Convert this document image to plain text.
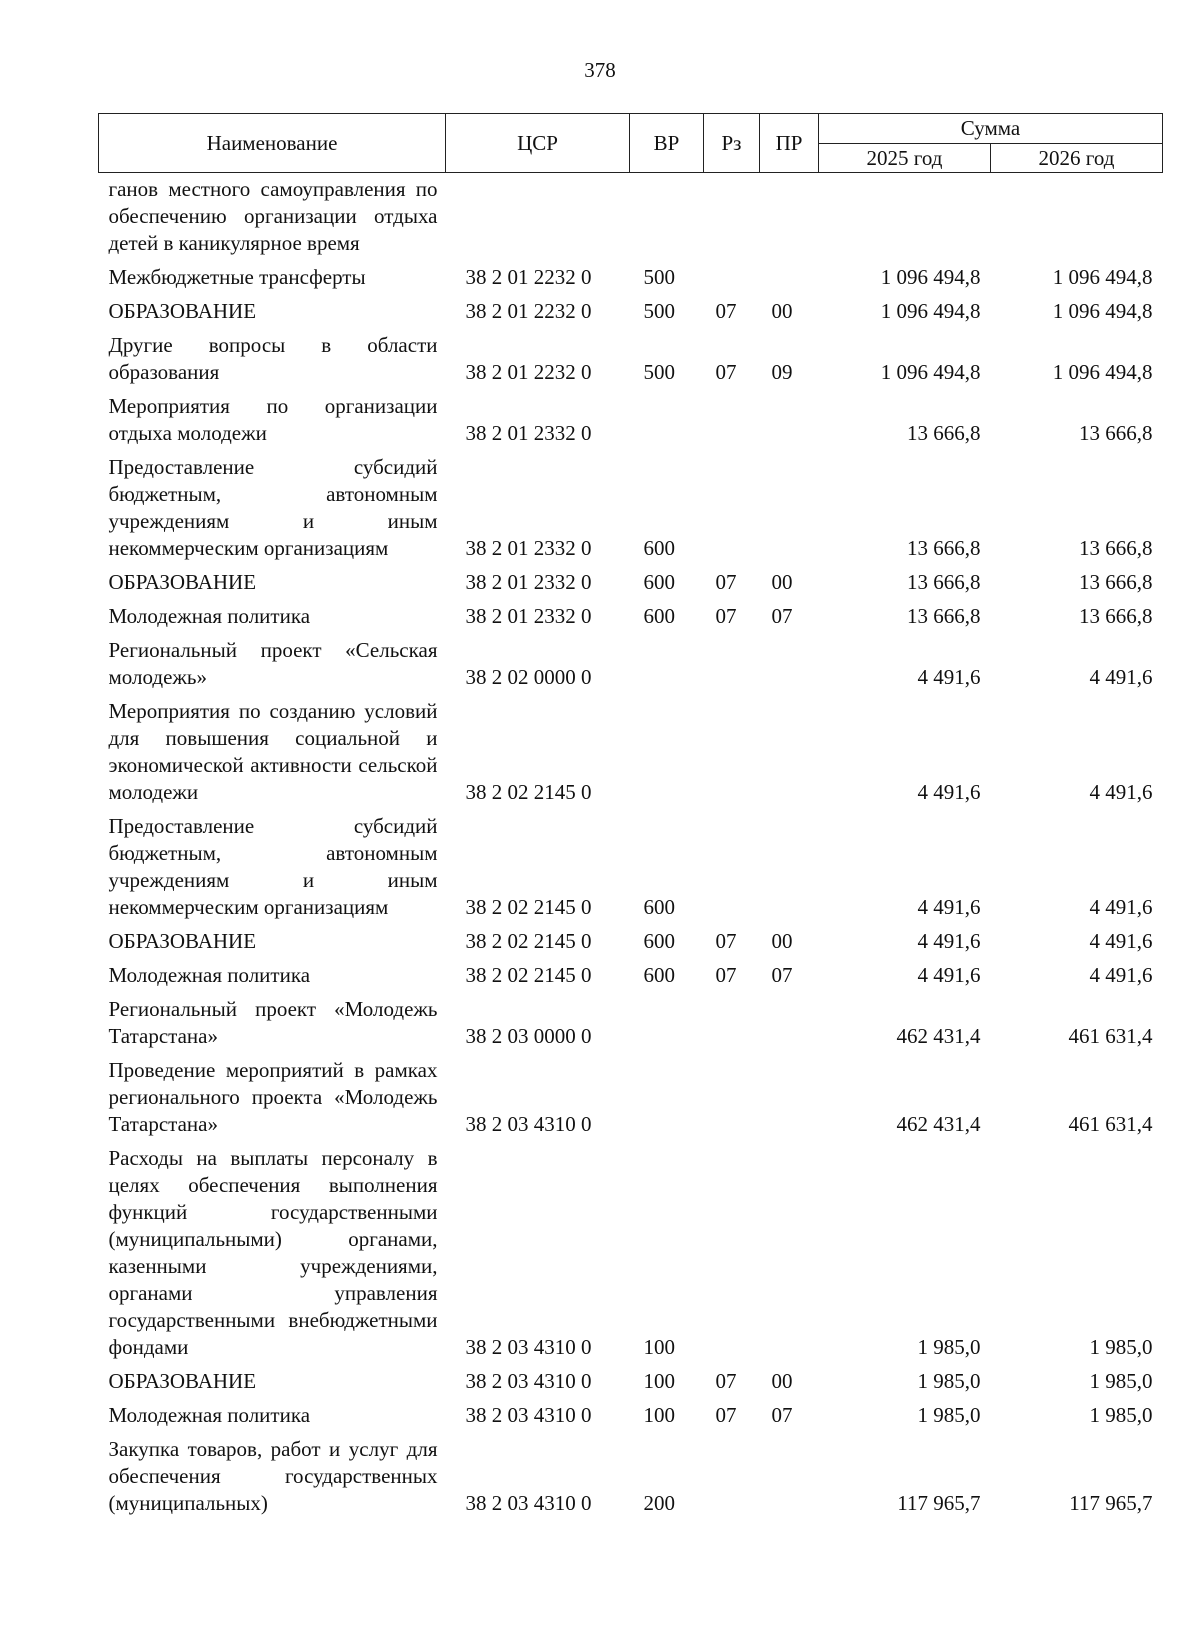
378
Наименование	ЦСР	ВР	Рз	ПР	Сумма	
					2025 год	2026 год
ганов местного самоуправления по обеспечению организации отдыха детей в каникулярное время						
Межбюджетные трансферты	38 2 01 2232 0	500			1 096 494,8	1 096 494,8
ОБРАЗОВАНИЕ	38 2 01 2232 0	500	07	00	1 096 494,8	1 096 494,8
Другие вопросы в области образования	38 2 01 2232 0	500	07	09	1 096 494,8	1 096 494,8
Мероприятия по организации отдыха молодежи	38 2 01 2332 0				13 666,8	13 666,8
Предоставление субсидий бюджетным, автономным учреждениям и иным некоммерческим организациям	38 2 01 2332 0	600			13 666,8	13 666,8
ОБРАЗОВАНИЕ	38 2 01 2332 0	600	07	00	13 666,8	13 666,8
Молодежная политика	38 2 01 2332 0	600	07	07	13 666,8	13 666,8
Региональный проект «Сельская молодежь»	38 2 02 0000 0				4 491,6	4 491,6
Мероприятия по созданию условий для повышения социальной и экономической активности сельской молодежи	38 2 02 2145 0				4 491,6	4 491,6
Предоставление субсидий бюджетным, автономным учреждениям и иным некоммерческим организациям	38 2 02 2145 0	600			4 491,6	4 491,6
ОБРАЗОВАНИЕ	38 2 02 2145 0	600	07	00	4 491,6	4 491,6
Молодежная политика	38 2 02 2145 0	600	07	07	4 491,6	4 491,6
Региональный проект «Молодежь Татарстана»	38 2 03 0000 0				462 431,4	461 631,4
Проведение мероприятий в рамках регионального проекта «Молодежь Татарстана»	38 2 03 4310 0				462 431,4	461 631,4
Расходы на выплаты персоналу в целях обеспечения выполнения функций государственными (муниципальными) органами, казенными учреждениями, органами управления государственными внебюджетными фондами	38 2 03 4310 0	100			1 985,0	1 985,0
ОБРАЗОВАНИЕ	38 2 03 4310 0	100	07	00	1 985,0	1 985,0
Молодежная политика	38 2 03 4310 0	100	07	07	1 985,0	1 985,0
Закупка товаров, работ и услуг для обеспечения государственных (муниципальных)	38 2 03 4310 0	200			117 965,7	117 965,7
